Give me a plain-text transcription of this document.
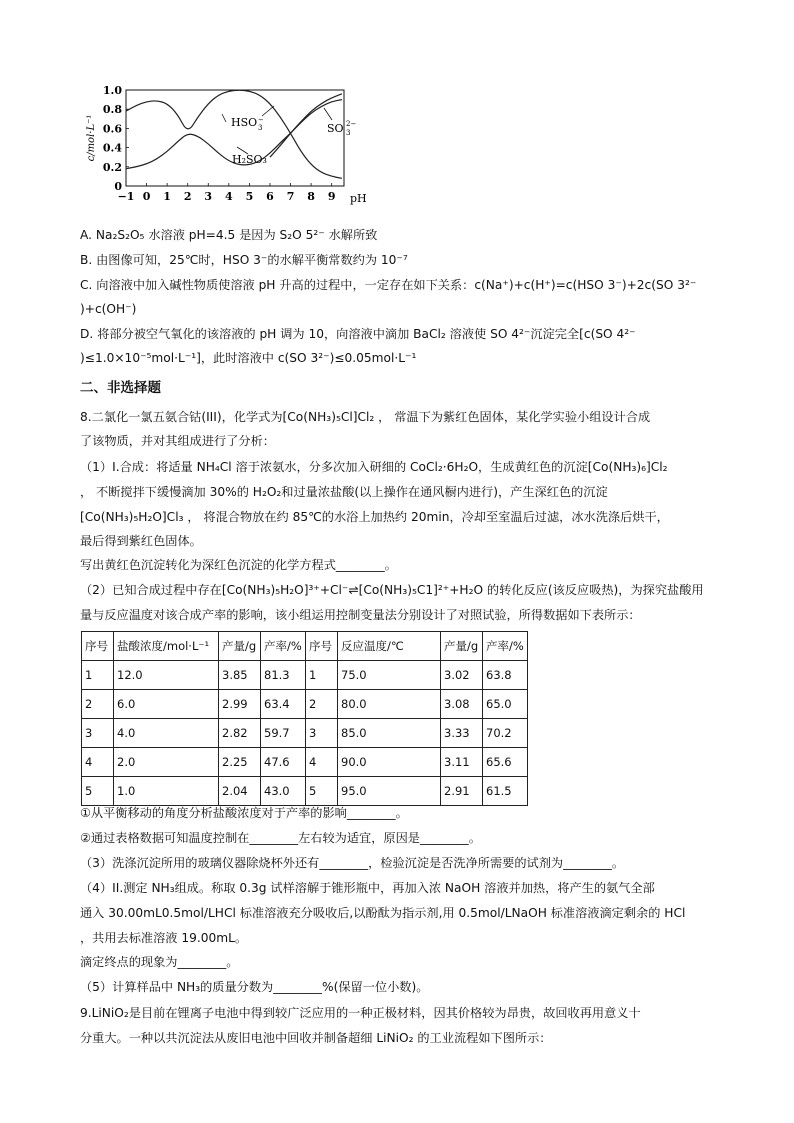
−1 0 1 2 3 4 5 6 7 8 9 pH
0
0.2
0.4
0.6
0.8
1.0
c/mol·L⁻¹	HSO −
3	SO 2−
3
H₂SO₃
A. Na₂S₂O₅ 水溶液 pH=4.5 是因为 S₂O 5²⁻ 水解所致
B. 由图像可知，25℃时，HSO 3⁻的水解平衡常数约为 10⁻⁷
C. 向溶液中加入碱性物质使溶液 pH 升高的过程中，一定存在如下关系：c(Na⁺)+c(H⁺)=c(HSO 3⁻)+2c(SO 3²⁻
)+c(OH⁻)
D. 将部分被空气氧化的该溶液的 pH 调为 10，向溶液中滴加 BaCl₂ 溶液使 SO 4²⁻沉淀完全[c(SO 4²⁻
)≤1.0×10⁻⁵mol·L⁻¹]，此时溶液中 c(SO 3²⁻)≤0.05mol·L⁻¹
二、非选择题
8.二氯化一氯五氨合钴(III)，化学式为[Co(NH₃)₅Cl]Cl₂ ， 常温下为紫红色固体，某化学实验小组设计合成
了该物质，并对其组成进行了分析：
（1）I.合成：将适量 NH₄Cl 溶于浓氨水，分多次加入研细的 CoCl₂·6H₂O，生成黄红色的沉淀[Co(NH₃)₆]Cl₂
， 不断搅拌下缓慢滴加 30%的 H₂O₂和过量浓盐酸(以上操作在通风橱内进行)，产生深红色的沉淀
[Co(NH₃)₅H₂O]Cl₃ ， 将混合物放在约 85℃的水浴上加热约 20min，冷却至室温后过滤，冰水洗涤后烘干，
最后得到紫红色固体。
写出黄红色沉淀转化为深红色沉淀的化学方程式________。
（2）已知合成过程中存在[Co(NH₃)₅H₂O]³⁺+Cl⁻⇌[Co(NH₃)₅C1]²⁺+H₂O 的转化反应(该反应吸热)，为探究盐酸用
量与反应温度对该合成产率的影响，该小组运用控制变量法分别设计了对照试验，所得数据如下表所示：
序号	盐酸浓度/mol·L⁻¹	产量/g	产率/%	序号	反应温度/℃	产量/g	产率/%
1	12.0	3.85	81.3	1	75.0	3.02	63.8
2	6.0	2.99	63.4	2	80.0	3.08	65.0
3	4.0	2.82	59.7	3	85.0	3.33	70.2
4	2.0	2.25	47.6	4	90.0	3.11	65.6
5	1.0	2.04	43.0	5	95.0	2.91	61.5
①从平衡移动的角度分析盐酸浓度对于产率的影响________。
②通过表格数据可知温度控制在________左右较为适宜，原因是________。
（3）洗涤沉淀所用的玻璃仪器除烧杯外还有________，检验沉淀是否洗净所需要的试剂为________。
（4）II.测定 NH₃组成。称取 0.3g 试样溶解于锥形瓶中，再加入浓 NaOH 溶液并加热，将产生的氨气全部
通入 30.00mL0.5mol/LHCl 标准溶液充分吸收后,以酚酞为指示剂,用 0.5mol/LNaOH 标准溶液滴定剩余的 HCl
，共用去标准溶液 19.00mL。
滴定终点的现象为________。
（5）计算样品中 NH₃的质量分数为________%(保留一位小数)。
9.LiNiO₂是目前在锂离子电池中得到较广泛应用的一种正极材料，因其价格较为昂贵，故回收再用意义十
分重大。一种以共沉淀法从废旧电池中回收并制备超细 LiNiO₂ 的工业流程如下图所示：
